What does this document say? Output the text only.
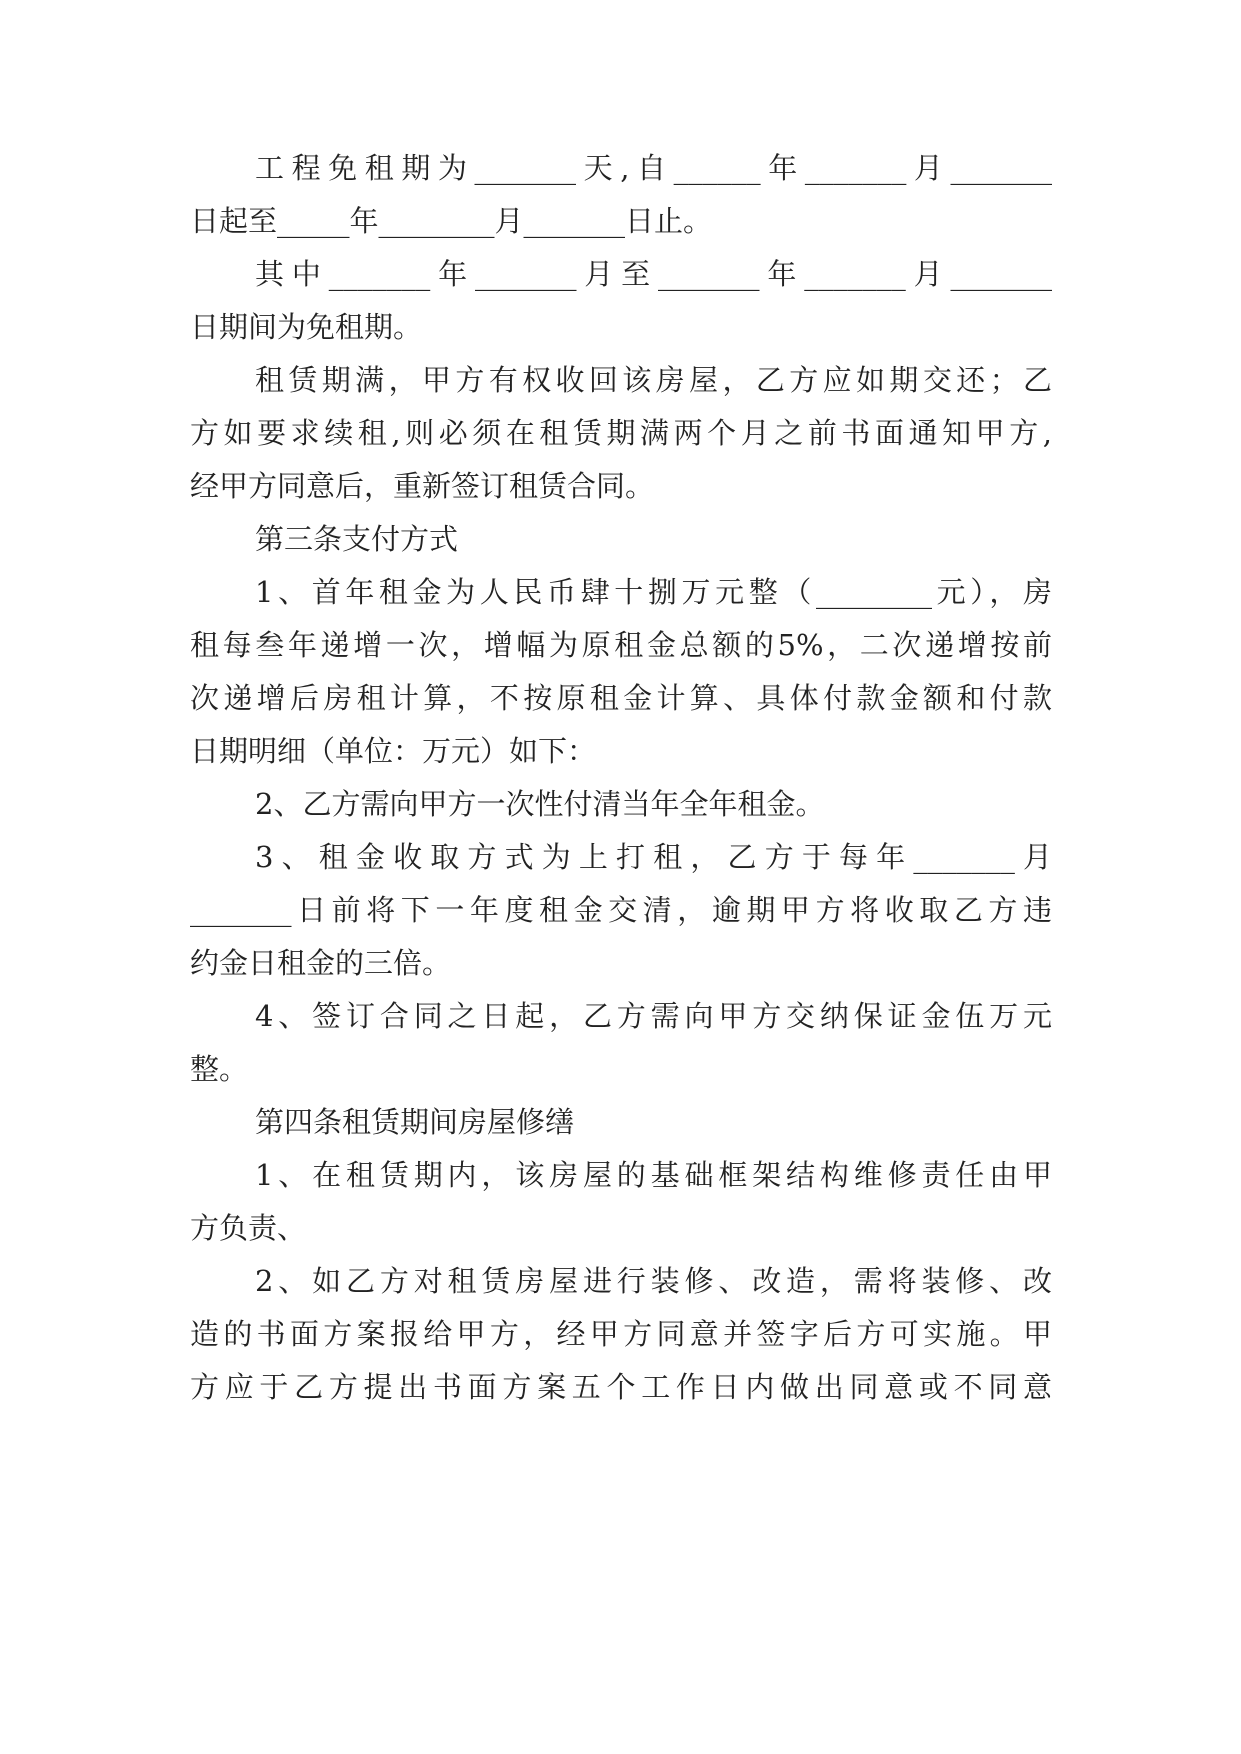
工程免租期为_______天,自______年_______月_______
日起至_____年________月_______日止。
其中_______年_______月至_______年_______月_______
日期间为免租期。
租赁期满，甲方有权收回该房屋，乙方应如期交还；乙
方如要求续租,则必须在租赁期满两个月之前书面通知甲方,
经甲方同意后，重新签订租赁合同。
第三条支付方式
1、首年租金为人民币肆十捌万元整（________元），房
租每叁年递增一次，增幅为原租金总额的5%，二次递增按前
次递增后房租计算，不按原租金计算、具体付款金额和付款
日期明细（单位：万元）如下：
2、乙方需向甲方一次性付清当年全年租金。
3、租金收取方式为上打租，乙方于每年_______月
_______日前将下一年度租金交清，逾期甲方将收取乙方违
约金日租金的三倍。
4、签订合同之日起，乙方需向甲方交纳保证金伍万元
整。
第四条租赁期间房屋修缮
1、在租赁期内，该房屋的基础框架结构维修责任由甲
方负责、
2、如乙方对租赁房屋进行装修、改造，需将装修、改
造的书面方案报给甲方，经甲方同意并签字后方可实施。甲
方应于乙方提出书面方案五个工作日内做出同意或不同意
